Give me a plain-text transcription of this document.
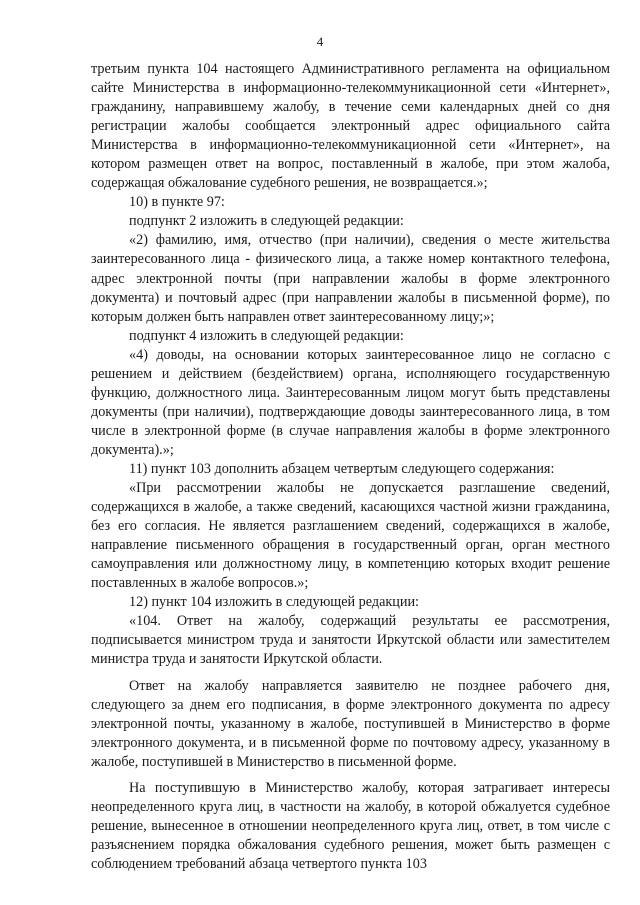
4

третьим пункта 104 настоящего Административного регламента на официальном сайте Министерства в информационно-телекоммуникационной сети «Интернет», гражданину, направившему жалобу, в течение семи календарных дней со дня регистрации жалобы сообщается электронный адрес официального сайта Министерства в информационно-телекоммуникационной сети «Интернет», на котором размещен ответ на вопрос, поставленный в жалобе, при этом жалоба, содержащая обжалование судебного решения, не возвращается.»;

10) в пункте 97:

подпункт 2 изложить в следующей редакции:

«2) фамилию, имя, отчество (при наличии), сведения о месте жительства заинтересованного лица - физического лица, а также номер контактного телефона, адрес электронной почты (при направлении жалобы в форме электронного документа) и почтовый адрес (при направлении жалобы в письменной форме), по которым должен быть направлен ответ заинтересованному лицу;»;

подпункт 4 изложить в следующей редакции:

«4) доводы, на основании которых заинтересованное лицо не согласно с решением и действием (бездействием) органа, исполняющего государственную функцию, должностного лица. Заинтересованным лицом могут быть представлены документы (при наличии), подтверждающие доводы заинтересованного лица, в том числе в электронной форме (в случае направления жалобы в форме электронного документа).»;

11) пункт 103 дополнить абзацем четвертым следующего содержания:

«При рассмотрении жалобы не допускается разглашение сведений, содержащихся в жалобе, а также сведений, касающихся частной жизни гражданина, без его согласия. Не является разглашением сведений, содержащихся в жалобе, направление письменного обращения в государственный орган, орган местного самоуправления или должностному лицу, в компетенцию которых входит решение поставленных в жалобе вопросов.»;

12) пункт 104 изложить в следующей редакции:

«104. Ответ на жалобу, содержащий результаты ее рассмотрения, подписывается министром труда и занятости Иркутской области или заместителем министра труда и занятости Иркутской области.

Ответ на жалобу направляется заявителю не позднее рабочего дня, следующего за днем его подписания, в форме электронного документа по адресу электронной почты, указанному в жалобе, поступившей в Министерство в форме электронного документа, и в письменной форме по почтовому адресу, указанному в жалобе, поступившей в Министерство в письменной форме.

На поступившую в Министерство жалобу, которая затрагивает интересы неопределенного круга лиц, в частности на жалобу, в которой обжалуется судебное решение, вынесенное в отношении неопределенного круга лиц, ответ, в том числе с разъяснением порядка обжалования судебного решения, может быть размещен с соблюдением требований абзаца четвертого пункта 103
